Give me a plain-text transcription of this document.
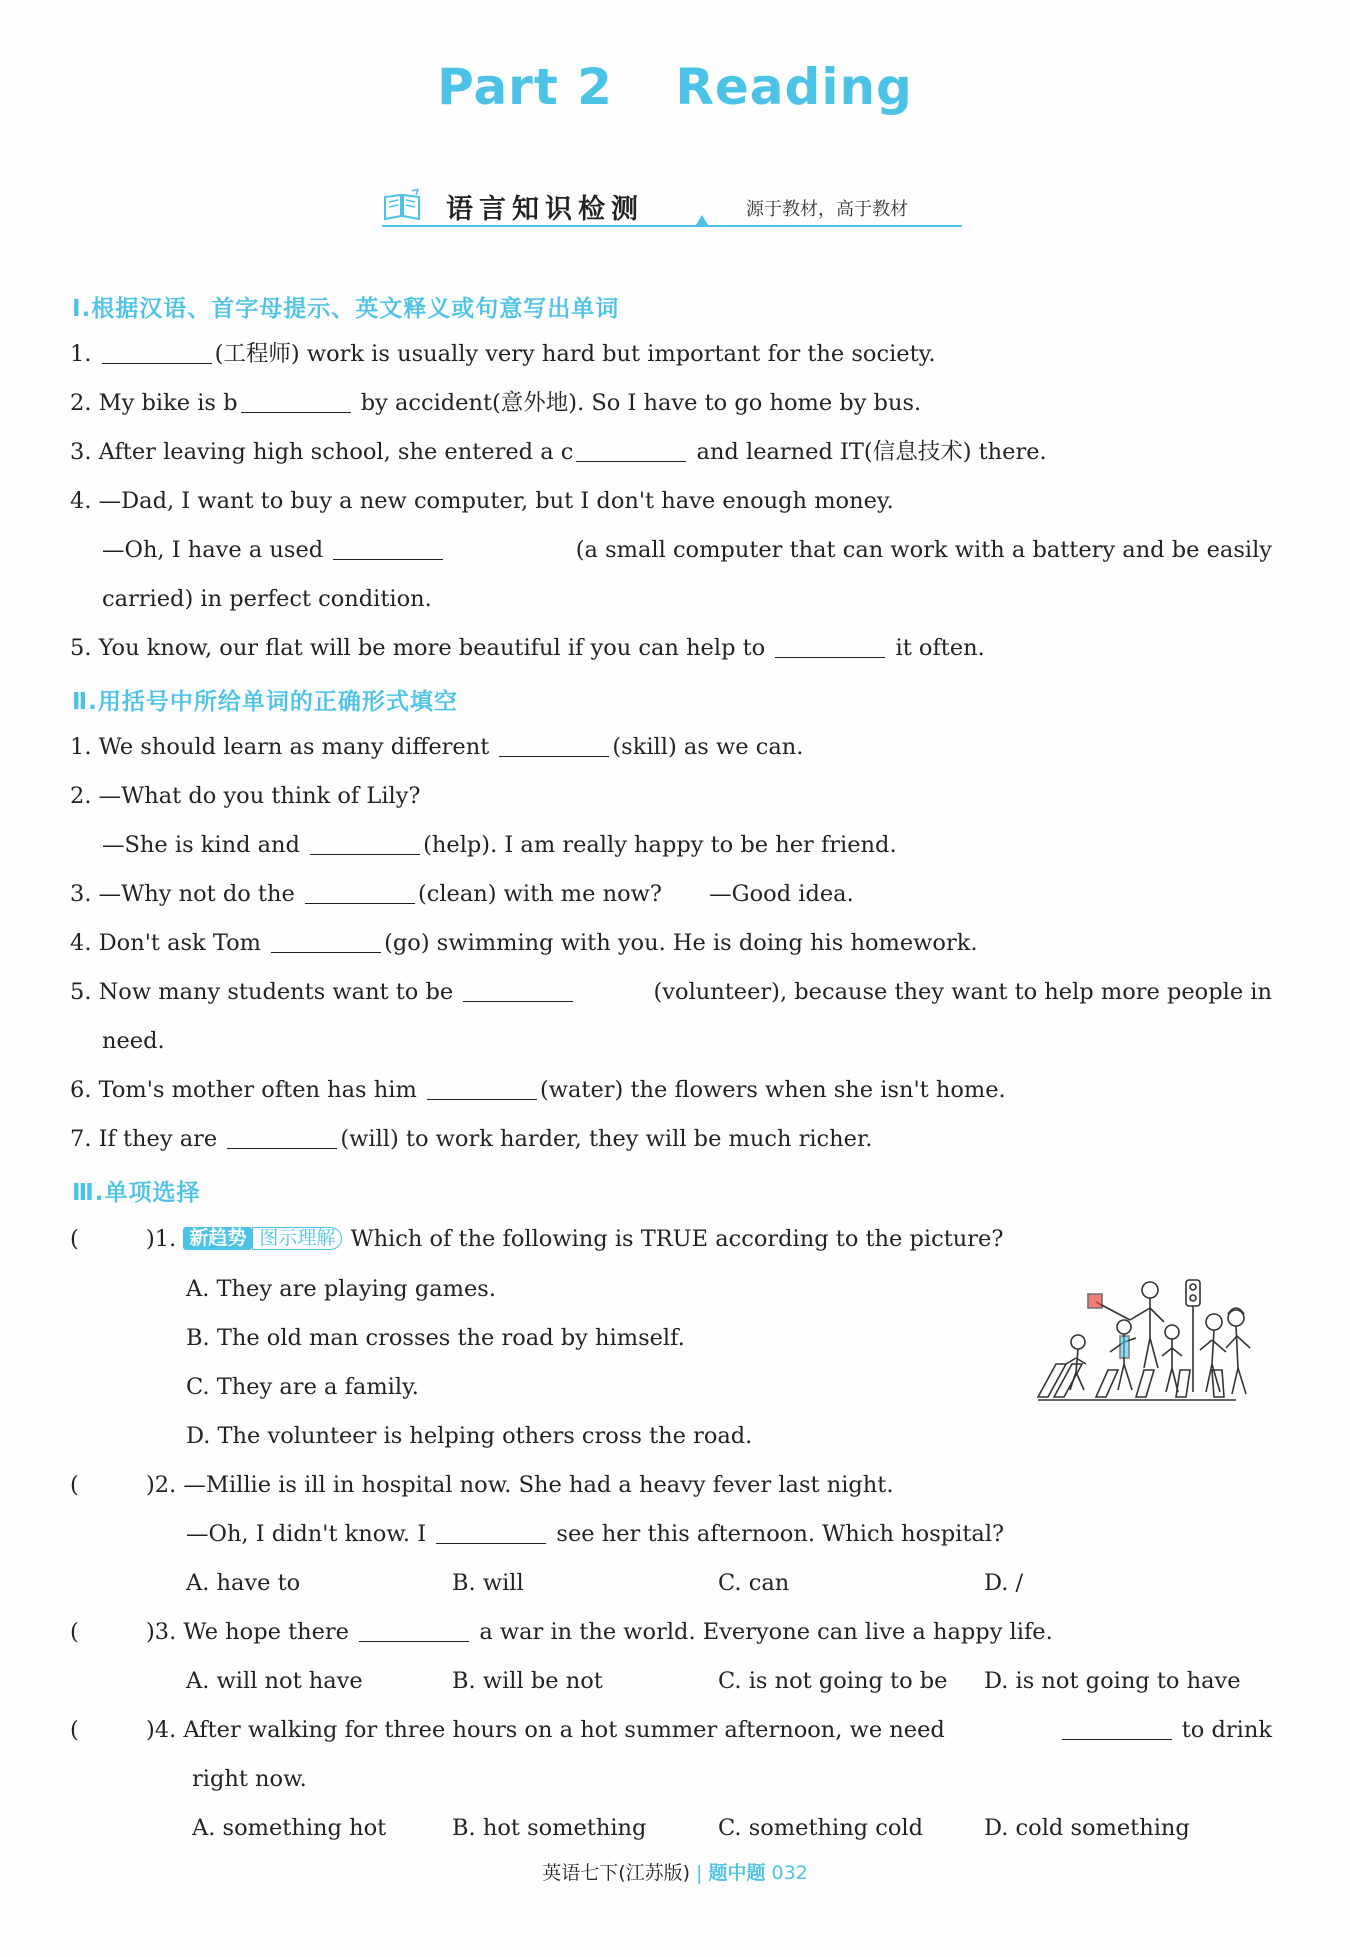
Part 2 Reading
语言知识检测	源于教材，高于教材
Ⅰ.根据汉语、首字母提示、英文释义或句意写出单词
1.	(工程师) work is usually very hard but important for the society.
2. My bike is b	by accident(意外地). So I have to go home by bus.
3. After leaving high school, she entered a c	and learned IT(信息技术) there.
4. —Dad, I want to buy a new computer, but I don't have enough money.
—Oh, I have a used	(a small computer that can work with a battery and be easily
carried) in perfect condition.
5. You know, our flat will be more beautiful if you can help to	it often.
Ⅱ.用括号中所给单词的正确形式填空
1. We should learn as many different	(skill) as we can.
2. —What do you think of Lily?
—She is kind and	(help). I am really happy to be her friend.
3. —Why not do the	(clean) with me now? —Good idea.
4. Don't ask Tom	(go) swimming with you. He is doing his homework.
5. Now many students want to be	(volunteer), because they want to help more people in
need.
6. Tom's mother often has him	(water) the flowers when she isn't home.
7. If they are	(will) to work harder, they will be much richer.
Ⅲ.单项选择
(	)1. 新趋势 图示理解 Which of the following is TRUE according to the picture?
A. They are playing games.
B. The old man crosses the road by himself.
C. They are a family.
D. The volunteer is helping others cross the road.
(	)2. —Millie is ill in hospital now. She had a heavy fever last night.
—Oh, I didn't know. I	see her this afternoon. Which hospital?
A. have to	B. will	C. can	D. /
(	)3. We hope there	a war in the world. Everyone can live a happy life.
A. will not have	B. will be not	C. is not going to be D. is not going to have
(	)4. After walking for three hours on a hot summer afternoon, we need	to drink
right now.
A. something hot	B. hot something	C. something cold	D. cold something
英语七下(江苏版) | 题中题 032
